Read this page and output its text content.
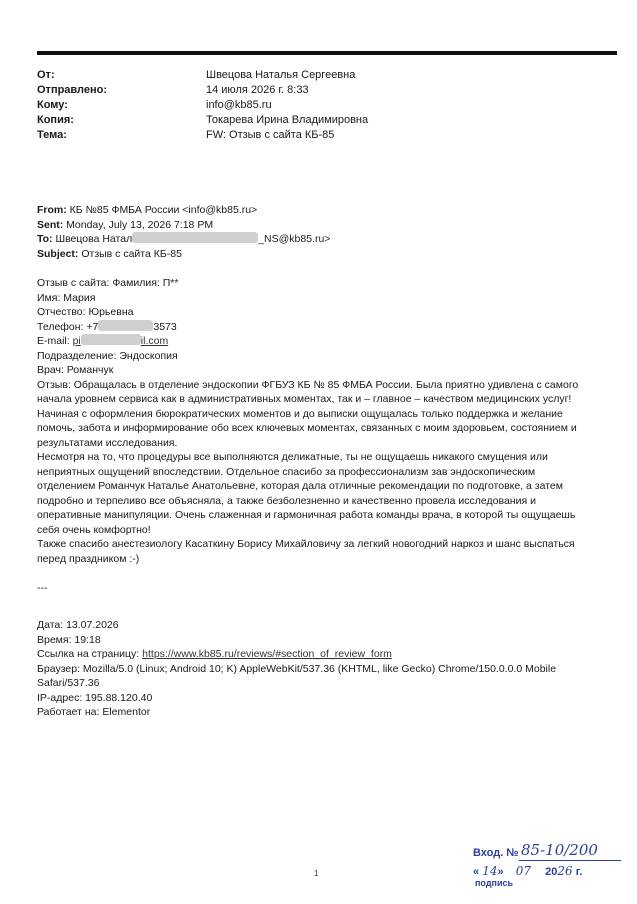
От:	Швецова Наталья Сергеевна
Отправлено:	14 июля 2026 г. 8:33
Кому:	info@kb85.ru
Копия:	Токарева Ирина Владимировна
Тема:	FW: Отзыв с сайта КБ-85
From: КБ №85 ФМБА России <info@kb85.ru>
Sent: Monday, July 13, 2026 7:18 PM
To: Швецова Натал	_NS@kb85.ru>
Subject: Отзыв с сайта КБ-85

Отзыв с сайта: Фамилия: П**

Имя: Мария

Отчество: Юрьевна

Телефон: +7	3573

E-mail: pi	il.com

Подразделение: Эндоскопия

Врач: Романчук

Отзыв: Обращалась в отделение эндоскопии ФГБУЗ КБ № 85 ФМБА России. Была приятно удивлена с самого

начала уровнем сервиса как в административных моментах, так и – главное – качеством медицинских услуг!

Начиная с оформления бюрократических моментов и до выписки ощущалась только поддержка и желание

помочь, забота и информирование обо всех ключевых моментах, связанных с моим здоровьем, состоянием и

результатами исследования.

Несмотря на то, что процедуры все выполняются деликатные, ты не ощущаешь никакого смущения или

неприятных ощущений впоследствии. Отдельное спасибо за профессионализм зав эндоскопическим

отделением Романчук Наталье Анатольевне, которая дала отличные рекомендации по подготовке, а затем

подробно и терпеливо все объясняла, а также безболезненно и качественно провела исследования и

оперативные манипуляции. Очень слаженная и гармоничная работа команды врача, в которой ты ощущаешь

себя очень комфортно!

Также спасибо анестезиологу Касаткину Борису Михайловичу за легкий новогодний наркоз и шанс выспаться

перед праздником :-)

---

Дата: 13.07.2026

Время: 19:18

Ссылка на страницу: https://www.kb85.ru/reviews/#section_of_review_form

Браузер: Mozilla/5.0 (Linux; Android 10; K) AppleWebKit/537.36 (KHTML, like Gecko) Chrome/150.0.0.0 Mobile

Safari/537.36

IP-адрес: 195.88.120.40

Работает на: Elementor

1
Вход. № 85-10/200
« 14»  07 2026 г.
подпись
